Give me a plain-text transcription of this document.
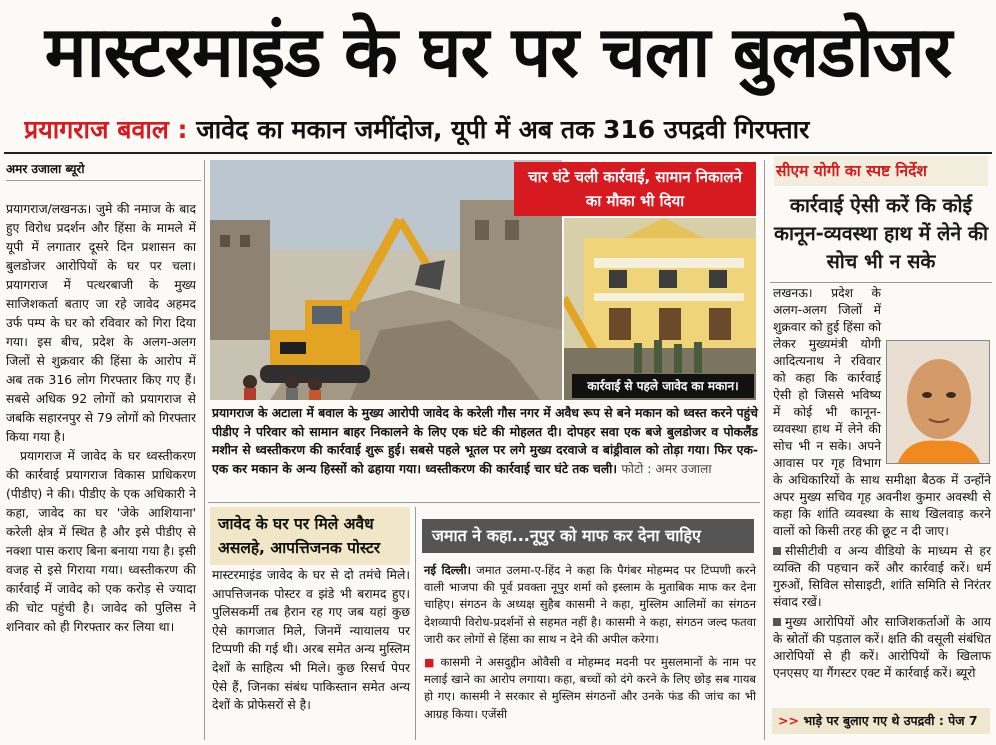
मास्टरमाइंड के घर पर चला बुलडोजर
प्रयागराज बवाल : जावेद का मकान जमींदोज, यूपी में अब तक 316 उपद्रवी गिरफ्तार
अमर उजाला ब्यूरो

प्रयागराज/लखनऊ। जुमे की नमाज के बाद हुए विरोध प्रदर्शन और हिंसा के मामले में यूपी में लगातार दूसरे दिन प्रशासन का बुलडोजर आरोपियों के घर पर चला। प्रयागराज में पत्थरबाजी के मुख्य साजिशकर्ता बताए जा रहे जावेद अहमद उर्फ पम्प के घर को रविवार को गिरा दिया गया। इस बीच, प्रदेश के अलग-अलग जिलों से शुक्रवार की हिंसा के आरोप में अब तक 316 लोग गिरफ्तार किए गए हैं। सबसे अधिक 92 लोगों को प्रयागराज से जबकि सहारनपुर से 79 लोगों को गिरफ्तार किया गया है।

प्रयागराज में जावेद के घर ध्वस्तीकरण की कार्रवाई प्रयागराज विकास प्राधिकरण (पीडीए) ने की। पीडीए के एक अधिकारी ने कहा, जावेद का घर 'जेके आशियाना' करेली क्षेत्र में स्थित है और इसे पीडीए से नक्शा पास कराए बिना बनाया गया है। इसी वजह से इसे गिराया गया। ध्वस्तीकरण की कार्रवाई में जावेद को एक करोड़ से ज्यादा की चोट पहुंची है। जावेद को पुलिस ने शनिवार को ही गिरफ्तार कर लिया था।

चार घंटे चली कार्रवाई, सामान निकालने का मौका भी दिया
कार्रवाई से पहले जावेद का मकान।
प्रयागराज के अटाला में बवाल के मुख्य आरोपी जावेद के करेली गौस नगर में अवैध रूप से बने मकान को ध्वस्त करने पहुंचे पीडीए ने परिवार को सामान बाहर निकालने के लिए एक घंटे की मोहलत दी। दोपहर सवा एक बजे बुलडोजर व पोकलैंड मशीन से ध्वस्तीकरण की कार्रवाई शुरू हुई। सबसे पहले भूतल पर लगे मुख्य दरवाजे व बांड्रीवाल को तोड़ा गया। फिर एक-एक कर मकान के अन्य हिस्सों को ढहाया गया। ध्वस्तीकरण की कार्रवाई चार घंटे तक चली। फोटो : अमर उजाला
जावेद के घर पर मिले अवैध असलहे, आपत्तिजनक पोस्टर
मास्टरमाइंड जावेद के घर से दो तमंचे मिले। आपत्तिजनक पोस्टर व झंडे भी बरामद हुए। पुलिसकर्मी तब हैरान रह गए जब यहां कुछ ऐसे कागजात मिले, जिनमें न्यायालय पर टिप्पणी की गई थी। अरब समेत अन्य मुस्लिम देशों के साहित्य भी मिले। कुछ रिसर्च पेपर ऐसे हैं, जिनका संबंध पाकिस्तान समेत अन्य देशों के प्रोफेसरों से है।
जमात ने कहा...नूपुर को माफ कर देना चाहिए

नई दिल्ली। जमात उलमा-ए-हिंद ने कहा कि पैगंबर मोहम्मद पर टिप्पणी करने वाली भाजपा की पूर्व प्रवक्ता नूपुर शर्मा को इस्लाम के मुताबिक माफ कर देना चाहिए। संगठन के अध्यक्ष सुहैब कासमी ने कहा, मुस्लिम आलिमों का संगठन देशव्यापी विरोध-प्रदर्शनों से सहमत नहीं है। कासमी ने कहा, संगठन जल्द फतवा जारी कर लोगों से हिंसा का साथ न देने की अपील करेगा।

■ कासमी ने असदुद्दीन ओवैसी व मोहम्मद मदनी पर मुसलमानों के नाम पर मलाई खाने का आरोप लगाया। कहा, बच्चों को दंगे करने के लिए छोड़ सब गायब हो गए। कासमी ने सरकार से मुस्लिम संगठनों और उनके फंड की जांच का भी आग्रह किया। एजेंसी

सीएम योगी का स्पष्ट निर्देश
कार्रवाई ऐसी करें कि कोई कानून-व्यवस्था हाथ में लेने की सोच भी न सके

लखनऊ। प्रदेश के अलग-अलग जिलों में शुक्रवार को हुई हिंसा को लेकर मुख्यमंत्री योगी आदित्यनाथ ने रविवार को कहा कि कार्रवाई ऐसी हो जिससे भविष्य में कोई भी कानून-व्यवस्था हाथ में लेने की सोच भी न सके। अपने आवास पर गृह विभाग के अधिकारियों के साथ समीक्षा बैठक में उन्होंने अपर मुख्य सचिव गृह अवनीश कुमार अवस्थी से कहा कि शांति व्यवस्था के साथ खिलवाड़ करने वालों को किसी तरह की छूट न दी जाए।

सीसीटीवी व अन्य वीडियो के माध्यम से हर व्यक्ति की पहचान करें और कार्रवाई करें। धर्म गुरुओं, सिविल सोसाइटी, शांति समिति से निरंतर संवाद रखें।

मुख्य आरोपियों और साजिशकर्ताओं के आय के स्रोतों की पड़ताल करें। क्षति की वसूली संबंधित आरोपियों से ही करें। आरोपियों के खिलाफ एनएसए या गैंगस्टर एक्ट में कार्रवाई करें। ब्यूरो

>> भाड़े पर बुलाए गए थे उपद्रवी : पेज 7
